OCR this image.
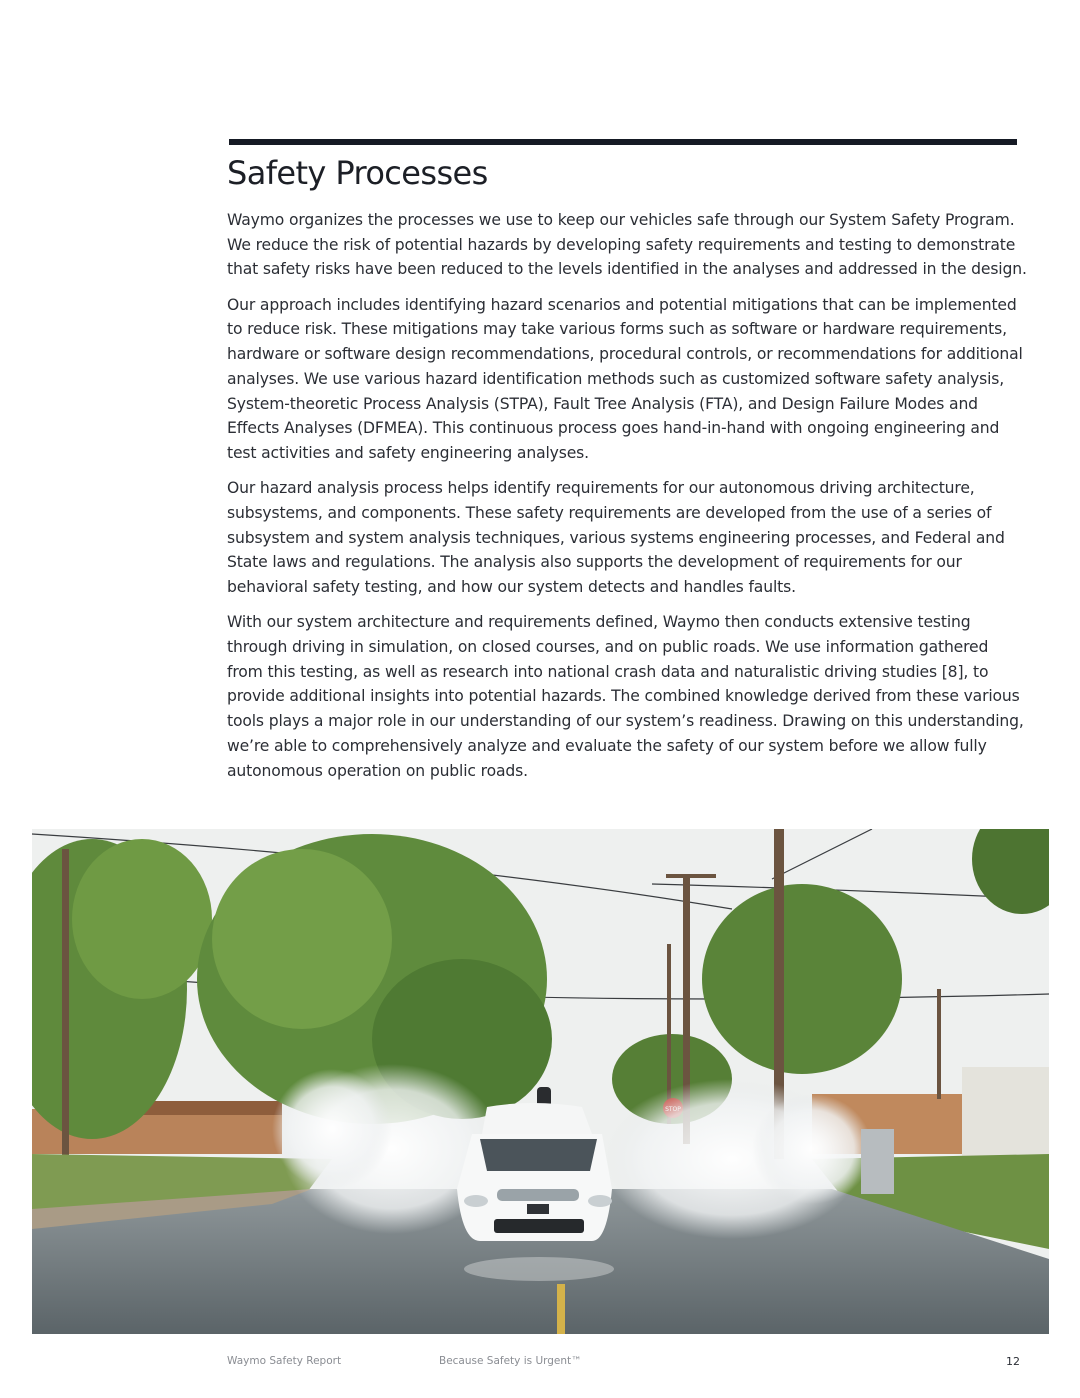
Safety Processes

Waymo organizes the processes we use to keep our vehicles safe through our System Safety Program. We reduce the risk of potential hazards by developing safety requirements and testing to demonstrate that safety risks have been reduced to the levels identified in the analyses and addressed in the design.

Our approach includes identifying hazard scenarios and potential mitigations that can be implemented to reduce risk. These mitigations may take various forms such as software or hardware requirements, hardware or software design recommendations, procedural controls, or recommendations for additional analyses. We use various hazard identification methods such as customized software safety analysis, System-theoretic Process Analysis (STPA), Fault Tree Analysis (FTA), and Design Failure Modes and Effects Analyses (DFMEA). This continuous process goes hand-in-hand with ongoing engineering and test activities and safety engineering analyses.

Our hazard analysis process helps identify requirements for our autonomous driving architecture, subsystems, and components. These safety requirements are developed from the use of a series of subsystem and system analysis techniques, various systems engineering processes, and Federal and State laws and regulations. The analysis also supports the development of requirements for our behavioral safety testing, and how our system detects and handles faults.

With our system architecture and requirements defined, Waymo then conducts extensive testing through driving in simulation, on closed courses, and on public roads. We use information gathered from this testing, as well as research into national crash data and naturalistic driving studies [8], to provide additional insights into potential hazards. The combined knowledge derived from these various tools plays a major role in our understanding of our system’s readiness. Drawing on this understanding, we’re able to comprehensively analyze and evaluate the safety of our system before we allow fully autonomous operation on public roads.

Waymo Safety Report	Because Safety is Urgent™	12
